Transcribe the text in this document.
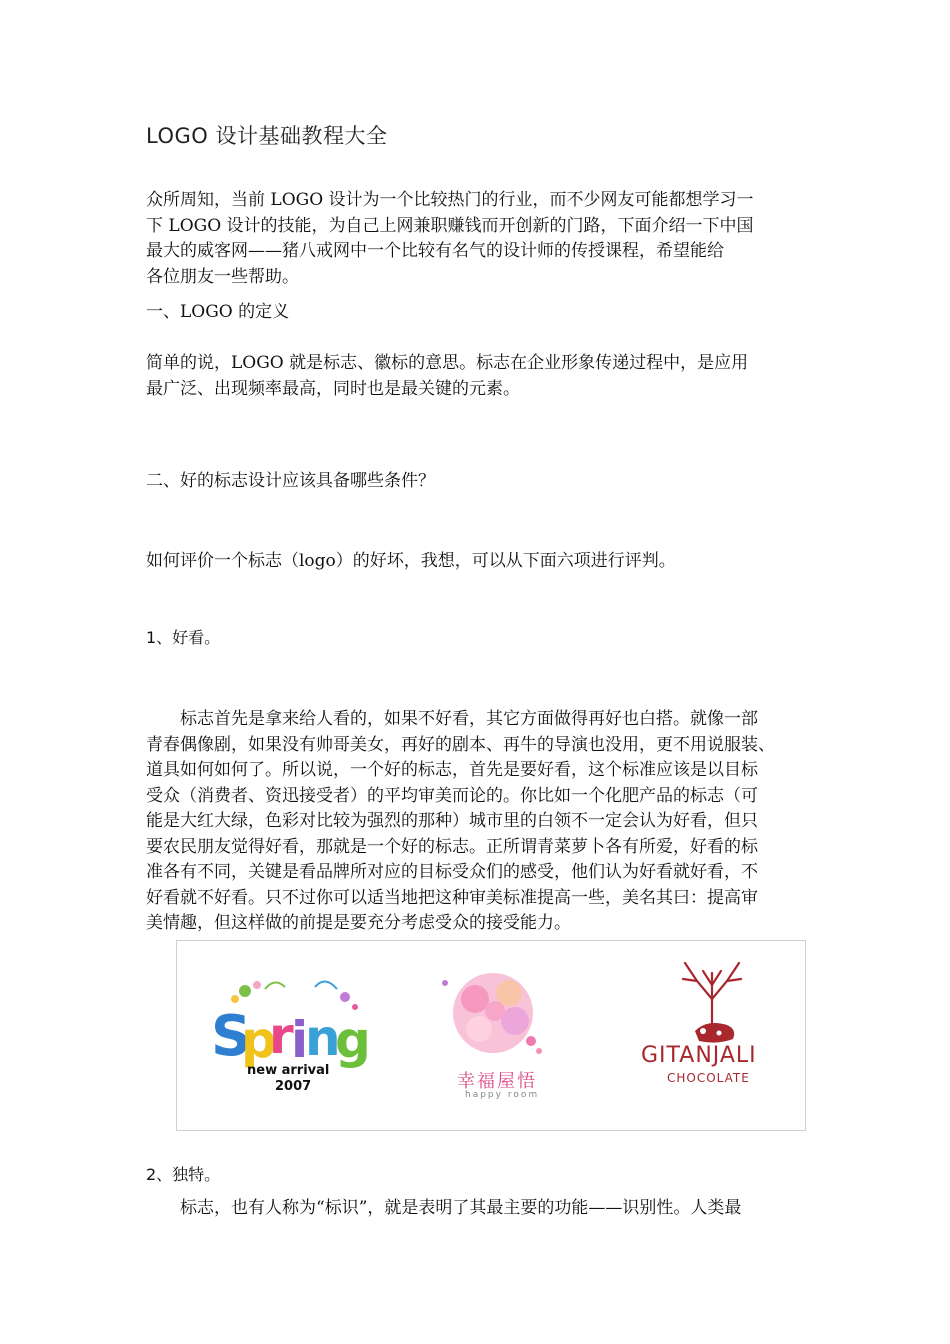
LOGO 设计基础教程大全
众所周知，当前 LOGO 设计为一个比较热门的行业，而不少网友可能都想学习一
下 LOGO 设计的技能，为自己上网兼职赚钱而开创新的门路，下面介绍一下中国
最大的威客网——猪八戒网中一个比较有名气的设计师的传授课程，希望能给
各位朋友一些帮助。
一、LOGO 的定义
简单的说，LOGO 就是标志、徽标的意思。标志在企业形象传递过程中，是应用
最广泛、出现频率最高，同时也是最关键的元素。
二、好的标志设计应该具备哪些条件？
如何评价一个标志（logo）的好坏，我想，可以从下面六项进行评判。
1、好看。
标志首先是拿来给人看的，如果不好看，其它方面做得再好也白搭。就像一部
青春偶像剧，如果没有帅哥美女，再好的剧本、再牛的导演也没用，更不用说服装、
道具如何如何了。所以说，一个好的标志，首先是要好看，这个标准应该是以目标
受众（消费者、资迅接受者）的平均审美而论的。你比如一个化肥产品的标志（可
能是大红大绿，色彩对比较为强烈的那种）城市里的白领不一定会认为好看，但只
要农民朋友觉得好看，那就是一个好的标志。正所谓青菜萝卜各有所爱，好看的标
准各有不同，关键是看品牌所对应的目标受众们的感受，他们认为好看就好看，不
好看就不好看。只不过你可以适当地把这种审美标准提高一些，美名其曰：提高审
美情趣，但这样做的前提是要充分考虑受众的接受能力。
S
p
r i n
g
new arrival
2007	幸福屋悟
happy room
GITANJALI
CHOCOLATE
2、独特。
标志，也有人称为“标识”，就是表明了其最主要的功能——识别性。人类最
